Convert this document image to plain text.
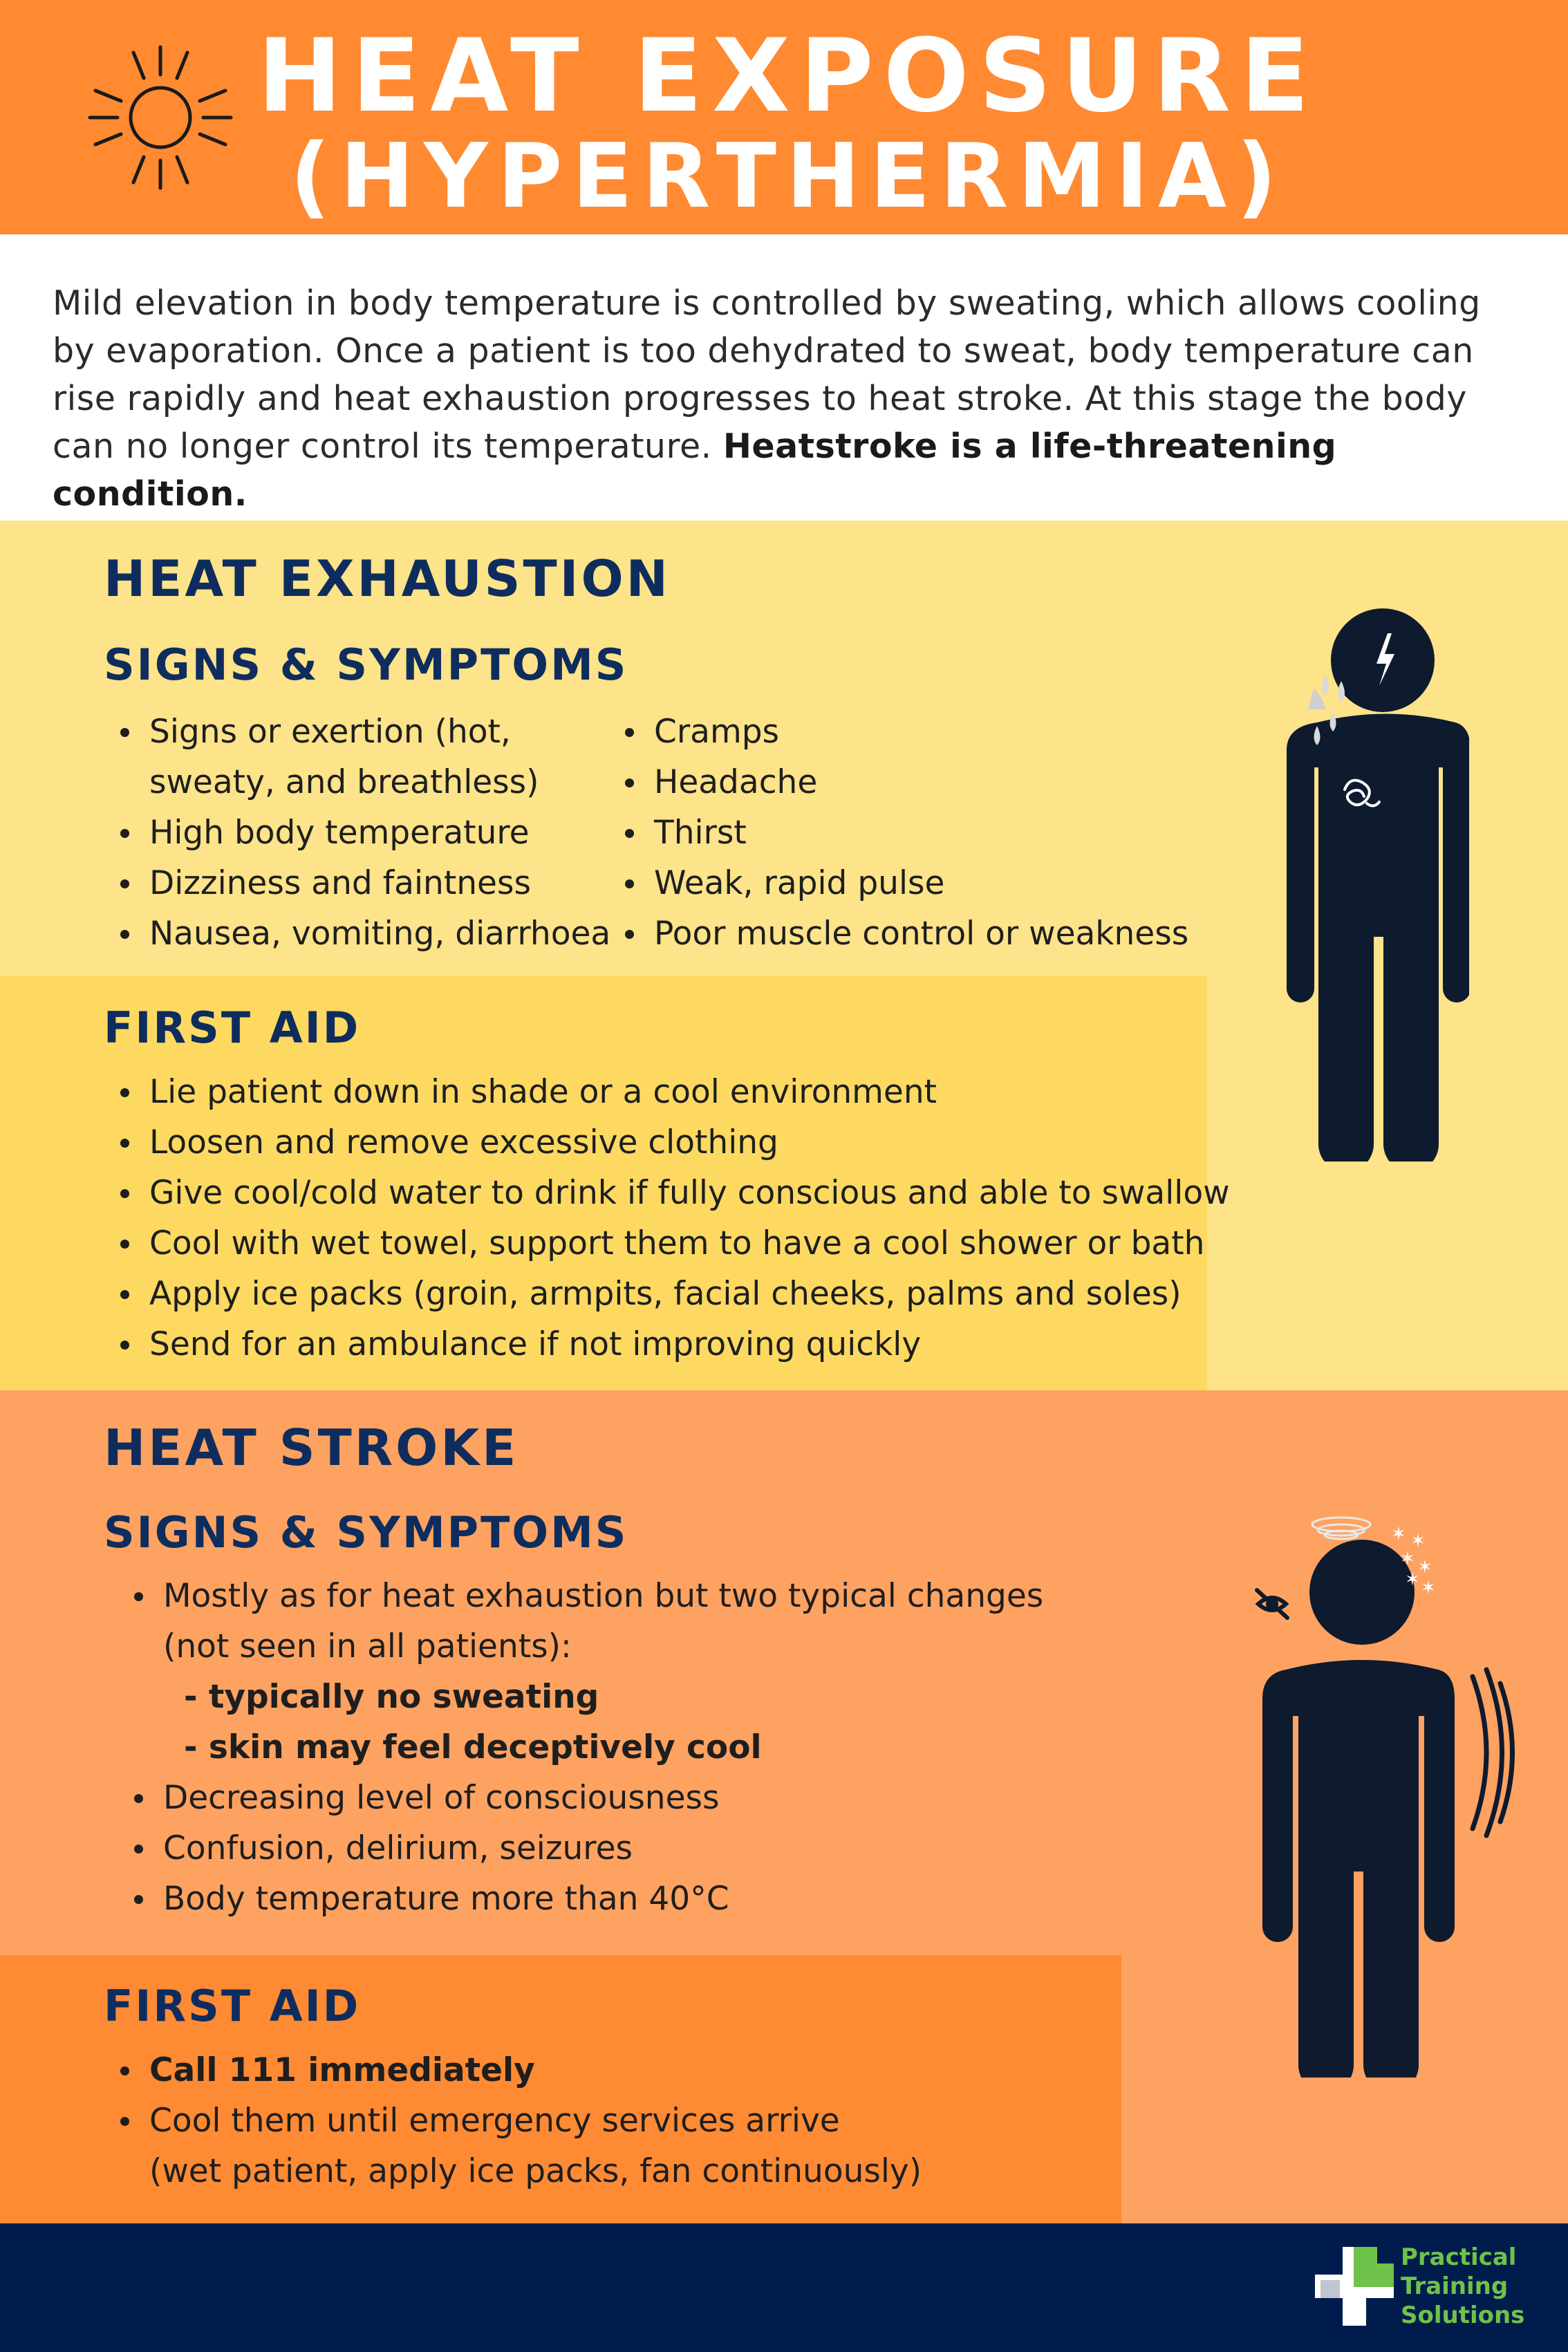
HEAT EXPOSURE
(HYPERTHERMIA)
Mild elevation in body temperature is controlled by sweating, which allows cooling by evaporation. Once a patient is too dehydrated to sweat, body temperature can rise rapidly and heat exhaustion progresses to heat stroke. At this stage the body can no longer control its temperature. Heatstroke is a life-threatening condition.
HEAT EXHAUSTION
SIGNS & SYMPTOMS
Signs or exertion (hot,
sweaty, and breathless)
High body temperature
Dizziness and faintness
Nausea, vomiting, diarrhoea
Cramps
Headache
Thirst
Weak, rapid pulse
Poor muscle control or weakness
FIRST AID
Lie patient down in shade or a cool environment
Loosen and remove excessive clothing
Give cool/cold water to drink if fully conscious and able to swallow
Cool with wet towel, support them to have a cool shower or bath
Apply ice packs (groin, armpits, facial cheeks, palms and soles)
Send for an ambulance if not improving quickly
HEAT STROKE
SIGNS & SYMPTOMS
Mostly as for heat exhaustion but two typical changes
(not seen in all patients):
- typically no sweating
- skin may feel deceptively cool
Decreasing level of consciousness
Confusion, delirium, seizures
Body temperature more than 40°C
FIRST AID
Call 111 immediately
Cool them until emergency services arrive
(wet patient, apply ice packs, fan continuously)
✶ ✶
✶ ✶
✶ ✶
Practical
Training
Solutions
